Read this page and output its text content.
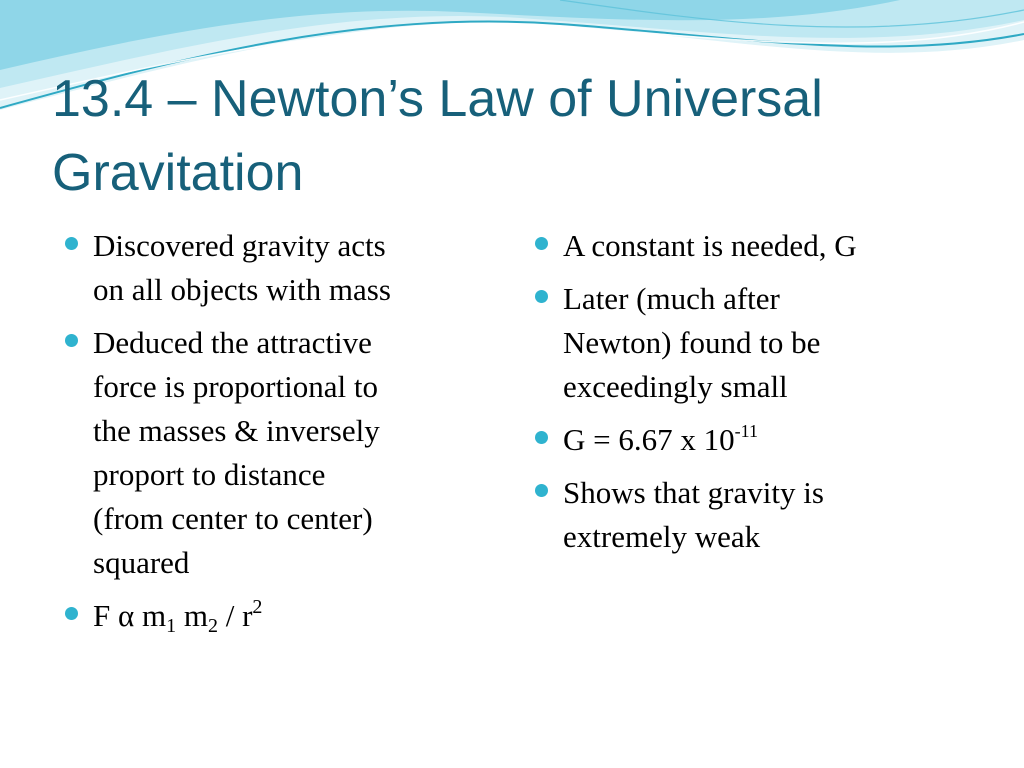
13.4 – Newton’s Law of Universal
Gravitation
Discovered gravity acts
on all objects with mass
Deduced the attractive
force is proportional to
the masses & inversely
proport to distance
(from center to center)
squared
F α $m_1$ $m_2 / r^2$
A constant is needed, G
Later (much after
Newton) found to be
exceedingly small
G = 6.67 x $10^{-11}$
Shows that gravity is
extremely weak
